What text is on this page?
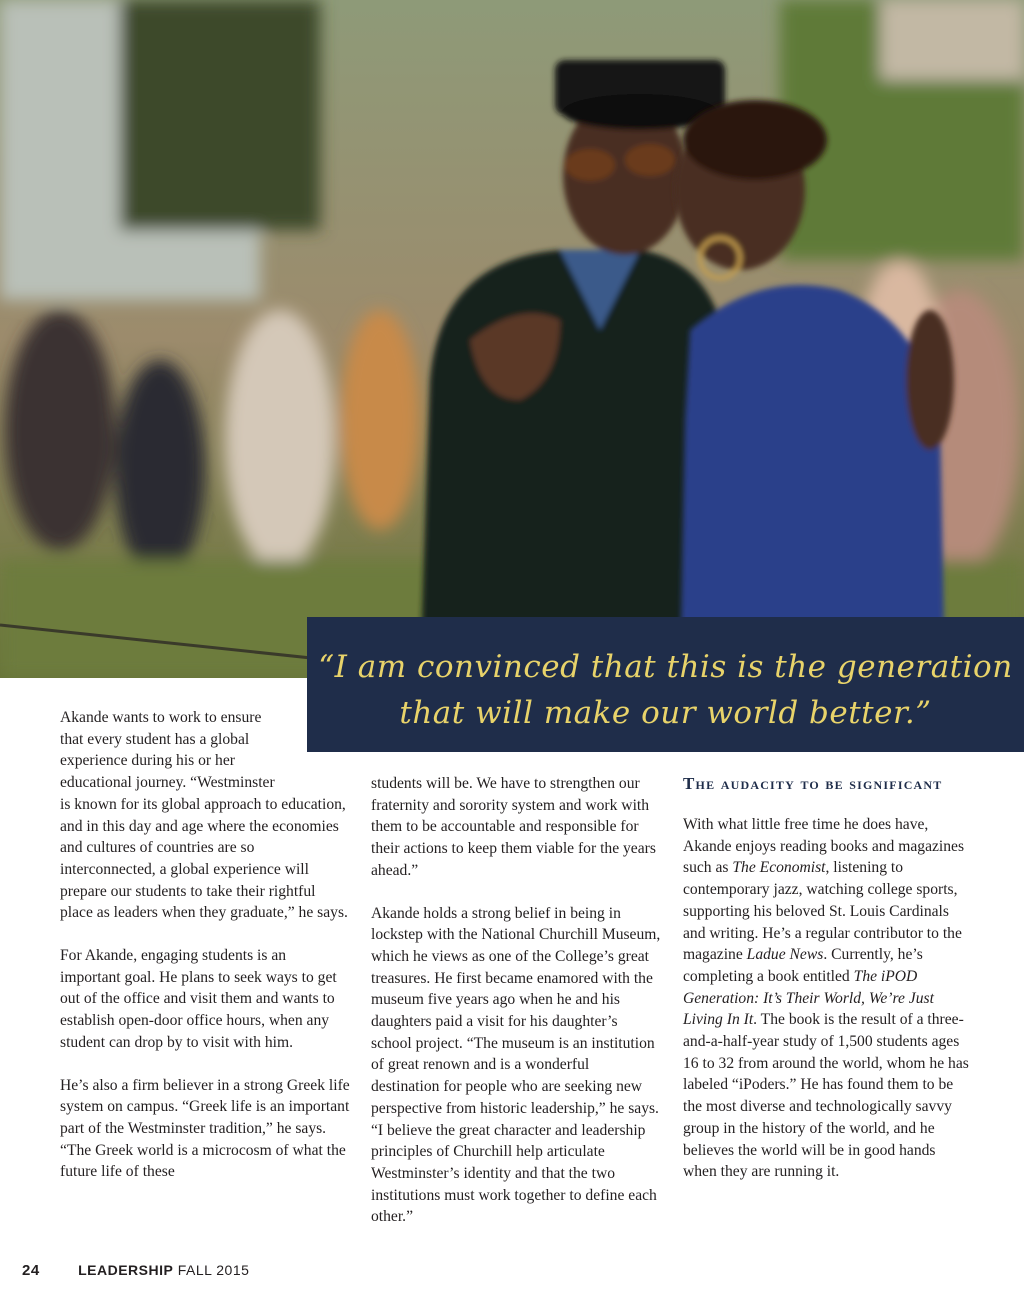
“I am convinced that this is the generation
that will make our world better.”

Akande wants to work to ensure
that every student has a global
experience during his or her
educational journey. “Westminster
is known for its global approach to education, and in this day and age where the economies and cultures of countries are so interconnected, a global experience will prepare our students to take their rightful place as leaders when they graduate,” he says.

For Akande, engaging students is an important goal. He plans to seek ways to get out of the office and visit them and wants to establish open-door office hours, when any student can drop by to visit with him.

He’s also a firm believer in a strong Greek life system on campus. “Greek life is an important part of the Westminster tradition,” he says. “The Greek world is a microcosm of what the future life of these

students will be. We have to strengthen our fraternity and sorority system and work with them to be accountable and responsible for their actions to keep them viable for the years ahead.”

Akande holds a strong belief in being in lockstep with the National Churchill Museum, which he views as one of the College’s great treasures. He first became enamored with the museum five years ago when he and his daughters paid a visit for his daughter’s school project. “The museum is an institution of great renown and is a wonderful destination for people who are seeking new perspective from historic leadership,” he says. “I believe the great character and leadership principles of Churchill help articulate Westminster’s identity and that the two institutions must work together to define each other.”

The audacity to be significant

With what little free time he does have, Akande enjoys reading books and magazines such as The Economist, listening to contemporary jazz, watching college sports, supporting his beloved St. Louis Cardinals and writing. He’s a regular contributor to the magazine Ladue News. Currently, he’s completing a book entitled The iPOD Generation: It’s Their World, We’re Just Living In It. The book is the result of a three-and-a-half-year study of 1,500 students ages 16 to 32 from around the world, whom he has labeled “iPoders.” He has found them to be the most diverse and technologically savvy group in the history of the world, and he believes the world will be in good hands when they are running it.

24	LEADERSHIP FALL 2015
